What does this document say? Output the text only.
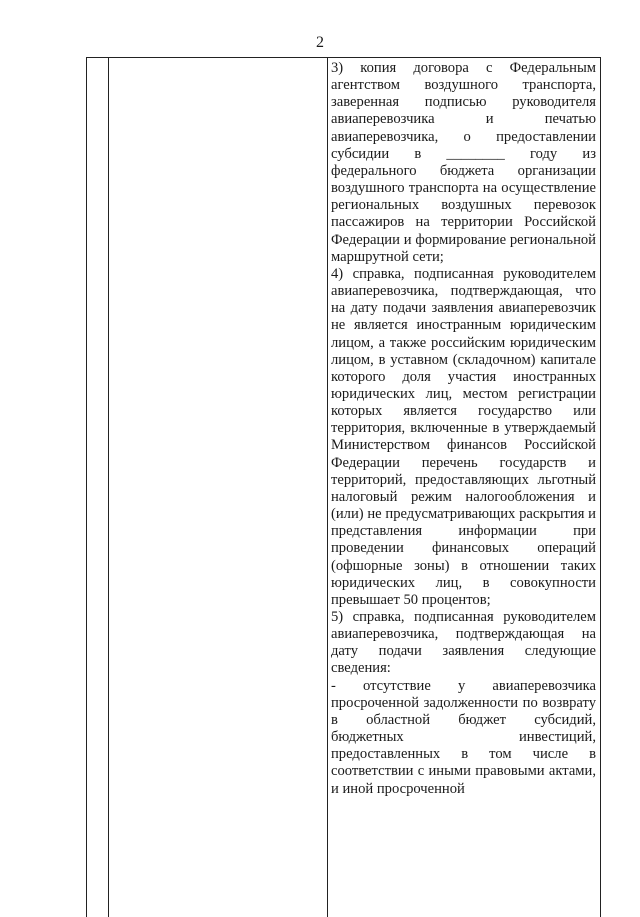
2

3) копия договора с Федеральным агентством воздушного транспорта, заверенная подписью руководителя авиаперевозчика и печатью авиаперевозчика, о предоставлении субсидии в ________ году из федерального бюджета организации воздушного транспорта на осуществление региональных воздушных перевозок пассажиров на территории Российской Федерации и формирование региональной маршрутной сети;

4) справка, подписанная руководителем авиаперевозчика, подтверждающая, что на дату подачи заявления авиаперевозчик не является иностранным юридическим лицом, а также российским юридическим лицом, в уставном (складочном) капитале которого доля участия иностранных юридических лиц, местом регистрации которых является государство или территория, включенные в утверждаемый Министерством финансов Российской Федерации перечень государств и территорий, предоставляющих льготный налоговый режим налогообложения и (или) не предусматривающих раскрытия и представления информации при проведении финансовых операций (офшорные зоны) в отношении таких юридических лиц, в совокупности превышает 50 процентов;

5) справка, подписанная руководителем авиаперевозчика, подтверждающая на дату подачи заявления следующие сведения:

- отсутствие у авиаперевозчика просроченной задолженности по возврату в областной бюджет субсидий, бюджетных инвестиций, предоставленных в том числе в соответствии с иными правовыми актами, и иной просроченной
